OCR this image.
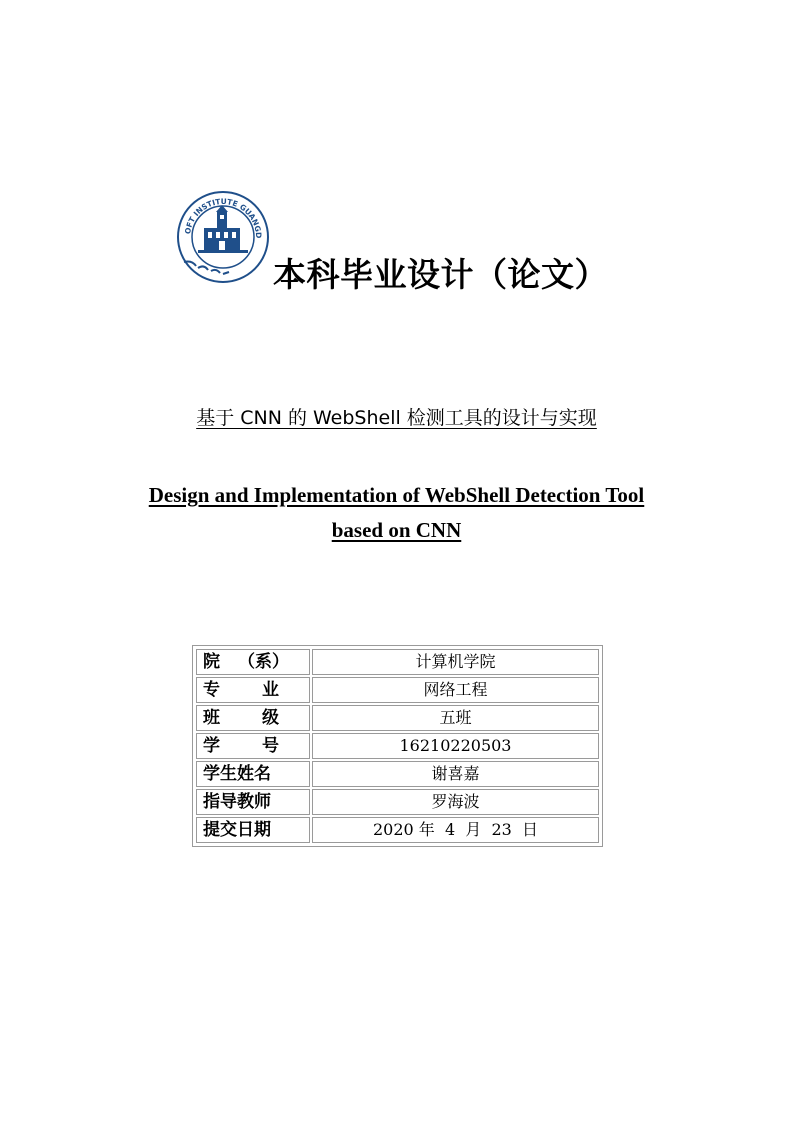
OFT INSTITUTE GUANGD
本科毕业设计（论文）
基于 CNN 的 WebShell 检测工具的设计与实现
Design and Implementation of WebShell Detection Tool
based on CNN
院 （系）	计算机学院

专 业	网络工程

班 级	五班

学 号	16210220503
学生姓名	谢喜嘉
指导教师	罗海波
提交日期	2020 年  4  月  23  日
